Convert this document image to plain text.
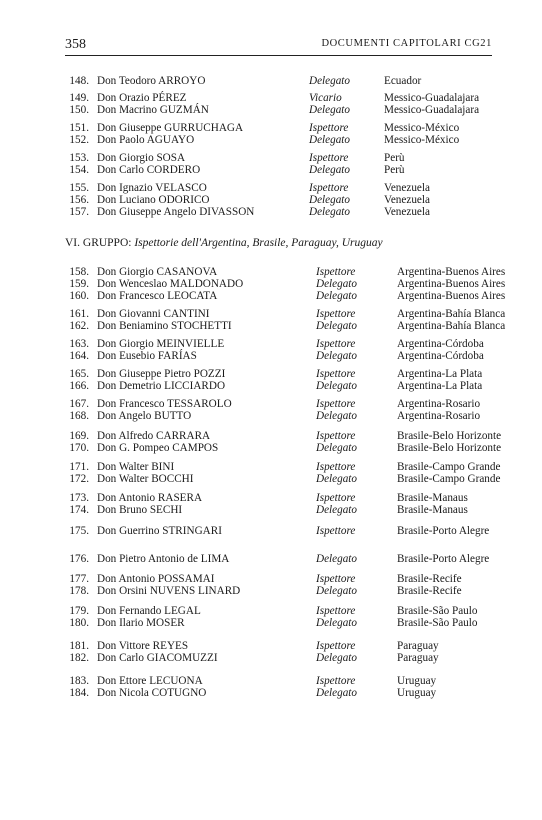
358	DOCUMENTI CAPITOLARI CG21
148. Don Teodoro ARROYO	Delegato	Ecuador
149. Don Orazio PÉREZ	Vicario	Messico-Guadalajara
150. Don Macrino GUZMÁN	Delegato	Messico-Guadalajara
151. Don Giuseppe GURRUCHAGA	Ispettore	Messico-México
152. Don Paolo AGUAYO	Delegato	Messico-México
153. Don Giorgio SOSA	Ispettore	Perù
154. Don Carlo CORDERO	Delegato	Perù
155. Don Ignazio VELASCO	Ispettore	Venezuela
156. Don Luciano ODORICO	Delegato	Venezuela
157. Don Giuseppe Angelo DIVASSON	Delegato	Venezuela
VI. GRUPPO: Ispettorie dell'Argentina, Brasile, Paraguay, Uruguay
158. Don Giorgio CASANOVA	Ispettore	Argentina-Buenos Aires
159. Don Wenceslao MALDONADO	Delegato	Argentina-Buenos Aires
160. Don Francesco LEOCATA	Delegato	Argentina-Buenos Aires
161. Don Giovanni CANTINI	Ispettore	Argentina-Bahía Blanca
162. Don Beniamino STOCHETTI	Delegato	Argentina-Bahía Blanca
163. Don Giorgio MEINVIELLE	Ispettore	Argentina-Córdoba
164. Don Eusebio FARÍAS	Delegato	Argentina-Córdoba
165. Don Giuseppe Pietro POZZI	Ispettore	Argentina-La Plata
166. Don Demetrio LICCIARDO	Delegato	Argentina-La Plata
167. Don Francesco TESSAROLO	Ispettore	Argentina-Rosario
168. Don Angelo BUTTO	Delegato	Argentina-Rosario
169. Don Alfredo CARRARA	Ispettore	Brasile-Belo Horizonte
170. Don G. Pompeo CAMPOS	Delegato	Brasile-Belo Horizonte
171. Don Walter BINI	Ispettore	Brasile-Campo Grande
172. Don Walter BOCCHI	Delegato	Brasile-Campo Grande
173. Don Antonio RASERA	Ispettore	Brasile-Manaus
174. Don Bruno SECHI	Delegato	Brasile-Manaus
175. Don Guerrino STRINGARI	Ispettore	Brasile-Porto Alegre
176. Don Pietro Antonio de LIMA	Delegato	Brasile-Porto Alegre
177. Don Antonio POSSAMAI	Ispettore	Brasile-Recife
178. Don Orsini NUVENS LINARD	Delegato	Brasile-Recife
179. Don Fernando LEGAL	Ispettore	Brasile-São Paulo
180. Don Ilario MOSER	Delegato	Brasile-São Paulo
181. Don Vittore REYES	Ispettore	Paraguay
182. Don Carlo GIACOMUZZI	Delegato	Paraguay
183. Don Ettore LECUONA	Ispettore	Uruguay
184. Don Nicola COTUGNO	Delegato	Uruguay
